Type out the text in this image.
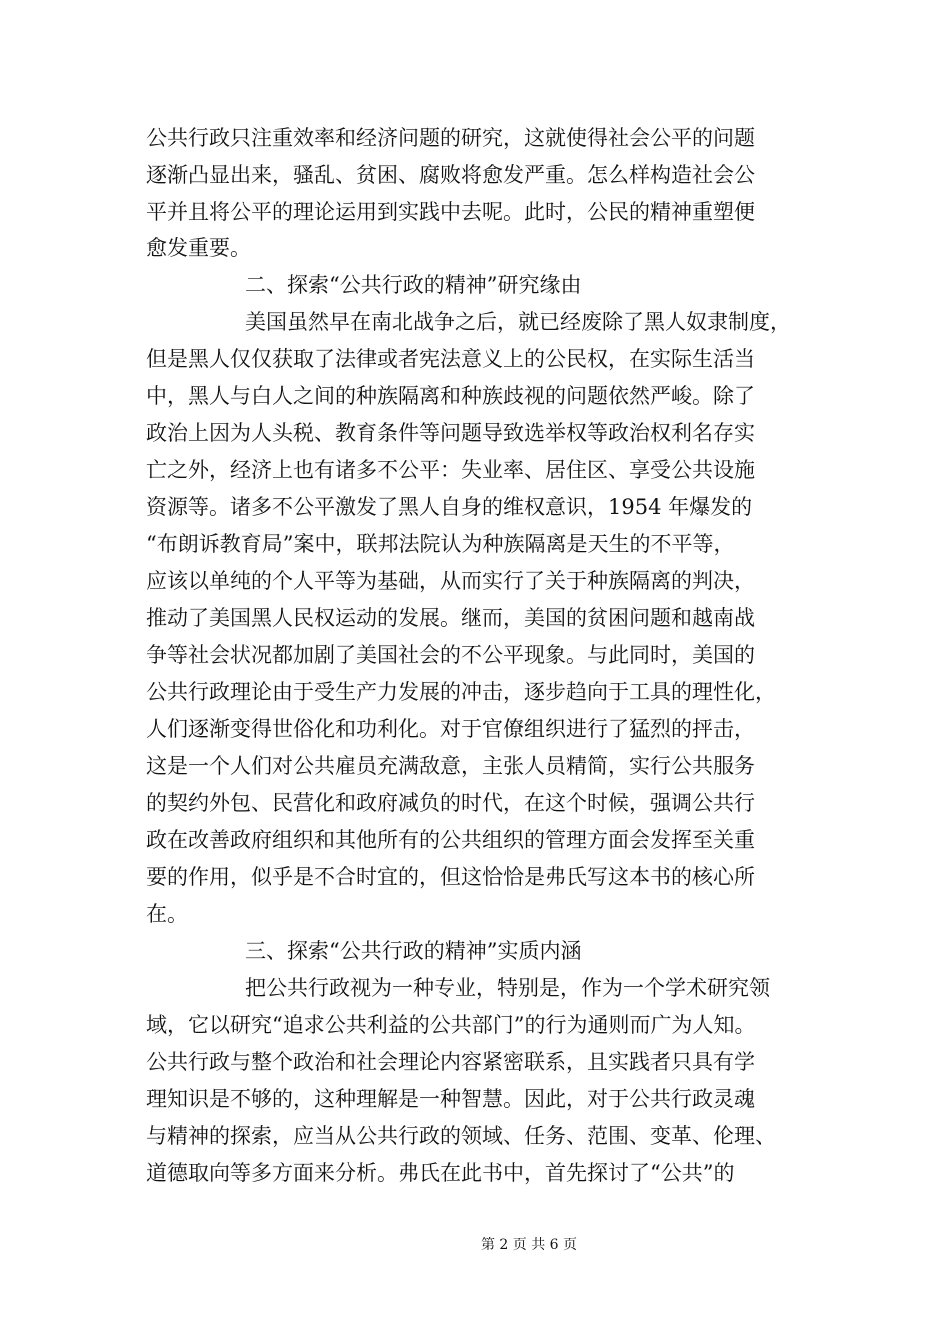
公共行政只注重效率和经济问题的研究，这就使得社会公平的问题
逐渐凸显出来，骚乱、贫困、腐败将愈发严重。怎么样构造社会公
平并且将公平的理论运用到实践中去呢。此时，公民的精神重塑便
愈发重要。
二、探索“公共行政的精神”研究缘由
美国虽然早在南北战争之后，就已经废除了黑人奴隶制度，
但是黑人仅仅获取了法律或者宪法意义上的公民权，在实际生活当
中，黑人与白人之间的种族隔离和种族歧视的问题依然严峻。除了
政治上因为人头税、教育条件等问题导致选举权等政治权利名存实
亡之外，经济上也有诸多不公平：失业率、居住区、享受公共设施
资源等。诸多不公平激发了黑人自身的维权意识，1954 年爆发的
“布朗诉教育局”案中，联邦法院认为种族隔离是天生的不平等，
应该以单纯的个人平等为基础，从而实行了关于种族隔离的判决，
推动了美国黑人民权运动的发展。继而，美国的贫困问题和越南战
争等社会状况都加剧了美国社会的不公平现象。与此同时，美国的
公共行政理论由于受生产力发展的冲击，逐步趋向于工具的理性化，
人们逐渐变得世俗化和功利化。对于官僚组织进行了猛烈的抨击，
这是一个人们对公共雇员充满敌意，主张人员精简，实行公共服务
的契约外包、民营化和政府减负的时代，在这个时候，强调公共行
政在改善政府组织和其他所有的公共组织的管理方面会发挥至关重
要的作用，似乎是不合时宜的，但这恰恰是弗氏写这本书的核心所
在。
三、探索“公共行政的精神”实质内涵
把公共行政视为一种专业，特别是，作为一个学术研究领
域，它以研究“追求公共利益的公共部门”的行为通则而广为人知。
公共行政与整个政治和社会理论内容紧密联系，且实践者只具有学
理知识是不够的，这种理解是一种智慧。因此，对于公共行政灵魂
与精神的探索，应当从公共行政的领域、任务、范围、变革、伦理、
道德取向等多方面来分析。弗氏在此书中，首先探讨了“公共”的
第 2 页 共 6 页
